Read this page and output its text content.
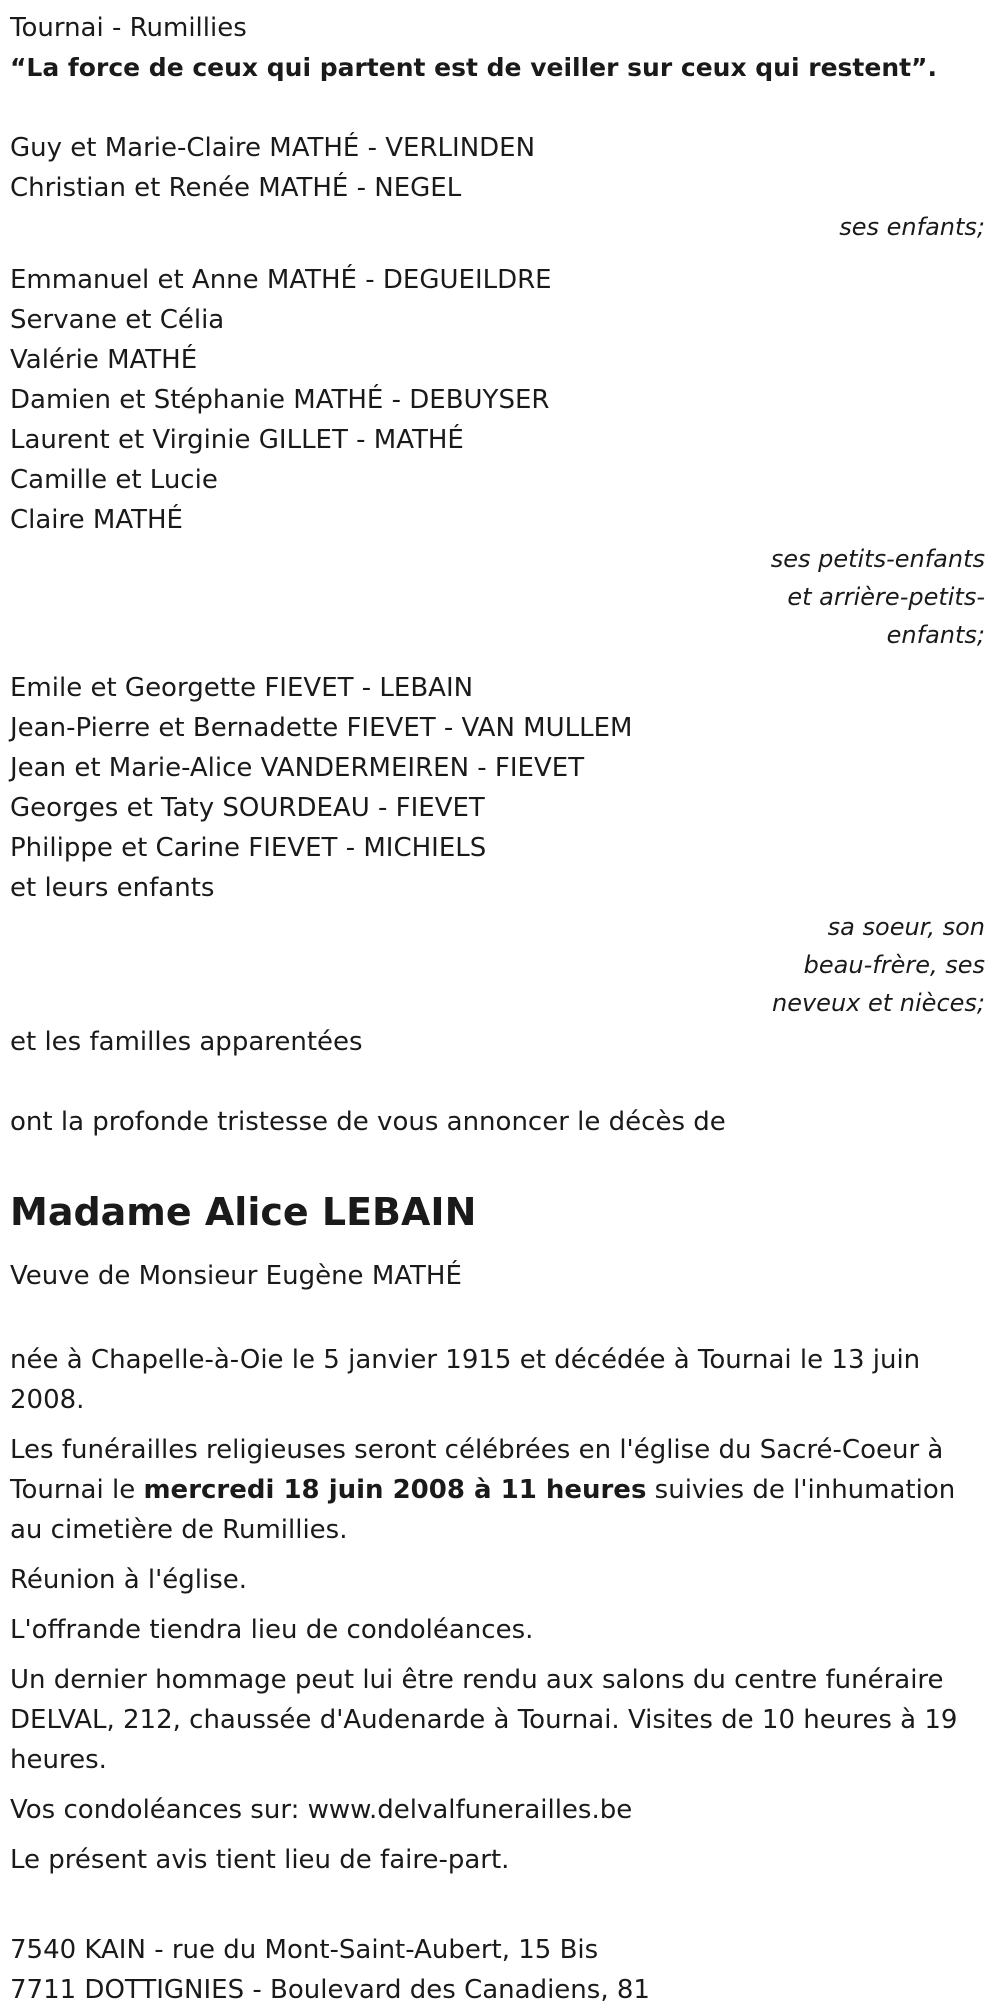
Tournai - Rumillies
“La force de ceux qui partent est de veiller sur ceux qui restent”.
Guy et Marie-Claire MATHÉ - VERLINDEN
Christian et Renée MATHÉ - NEGEL
ses enfants;
Emmanuel et Anne MATHÉ - DEGUEILDRE
Servane et Célia
Valérie MATHÉ
Damien et Stéphanie MATHÉ - DEBUYSER
Laurent et Virginie GILLET - MATHÉ
Camille et Lucie
Claire MATHÉ
ses petits-enfants
et arrière-petits-
enfants;
Emile et Georgette FIEVET - LEBAIN
Jean-Pierre et Bernadette FIEVET - VAN MULLEM
Jean et Marie-Alice VANDERMEIREN - FIEVET
Georges et Taty SOURDEAU - FIEVET
Philippe et Carine FIEVET - MICHIELS
et leurs enfants
sa soeur, son
beau-frère, ses
neveux et nièces;
et les familles apparentées
ont la profonde tristesse de vous annoncer le décès de
Madame Alice LEBAIN
Veuve de Monsieur Eugène MATHÉ
née à Chapelle-à-Oie le 5 janvier 1915 et décédée à Tournai le 13 juin 2008.
Les funérailles religieuses seront célébrées en l'église du Sacré-Coeur à Tournai le mercredi 18 juin 2008 à 11 heures suivies de l'inhumation au cimetière de Rumillies.
Réunion à l'église.
L'offrande tiendra lieu de condoléances.
Un dernier hommage peut lui être rendu aux salons du centre funéraire DELVAL, 212, chaussée d'Audenarde à Tournai. Visites de 10 heures à 19 heures.
Vos condoléances sur: www.delvalfunerailles.be
Le présent avis tient lieu de faire-part.
7540 KAIN - rue du Mont-Saint-Aubert, 15 Bis
7711 DOTTIGNIES - Boulevard des Canadiens, 81
